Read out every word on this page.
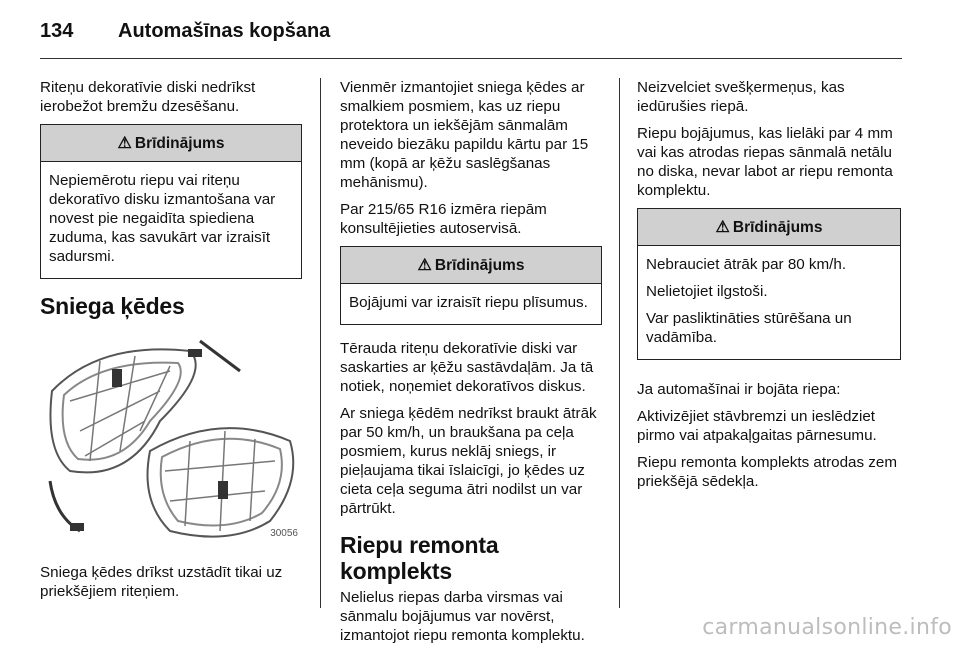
134	Automašīnas kopšana

Riteņu dekoratīvie diski nedrīkst ierobežot bremžu dzesēšanu.

⚠ Brīdinājums

Nepiemērotu riepu vai riteņu dekoratīvo disku izmantošana var novest pie negaidīta spiediena zuduma, kas savukārt var izraisīt sadursmi.

Sniega ķēdes
30056

Sniega ķēdes drīkst uzstādīt tikai uz priekšējiem riteņiem.

Vienmēr izmantojiet sniega ķēdes ar smalkiem posmiem, kas uz riepu protektora un iekšējām sānmalām neveido biezāku papildu kārtu par 15 mm (kopā ar ķēžu saslēgšanas mehānismu).

Par 215/65 R16 izmēra riepām konsultējieties autoservisā.

⚠ Brīdinājums

Bojājumi var izraisīt riepu plīsumus.

Tērauda riteņu dekoratīvie diski var saskarties ar ķēžu sastāvdaļām. Ja tā notiek, noņemiet dekoratīvos diskus.

Ar sniega ķēdēm nedrīkst braukt ātrāk par 50 km/h, un braukšana pa ceļa posmiem, kurus neklāj sniegs, ir pieļaujama tikai īslaicīgi, jo ķēdes uz cieta ceļa seguma ātri nodilst un var pārtrūkt.

Riepu remonta komplekts

Nelielus riepas darba virsmas vai sānmalu bojājumus var novērst, izmantojot riepu remonta komplektu.

Neizvelciet svešķermeņus, kas iedūrušies riepā.

Riepu bojājumus, kas lielāki par 4 mm vai kas atrodas riepas sānmalā netālu no diska, nevar labot ar riepu remonta komplektu.

⚠ Brīdinājums

Nebrauciet ātrāk par 80 km/h.

Nelietojiet ilgstoši.

Var pasliktināties stūrēšana un vadāmība.

Ja automašīnai ir bojāta riepa:

Aktivizējiet stāvbremzi un ieslēdziet pirmo vai atpakaļgaitas pārnesumu.

Riepu remonta komplekts atrodas zem priekšējā sēdekļa.

carmanualsonline.info
